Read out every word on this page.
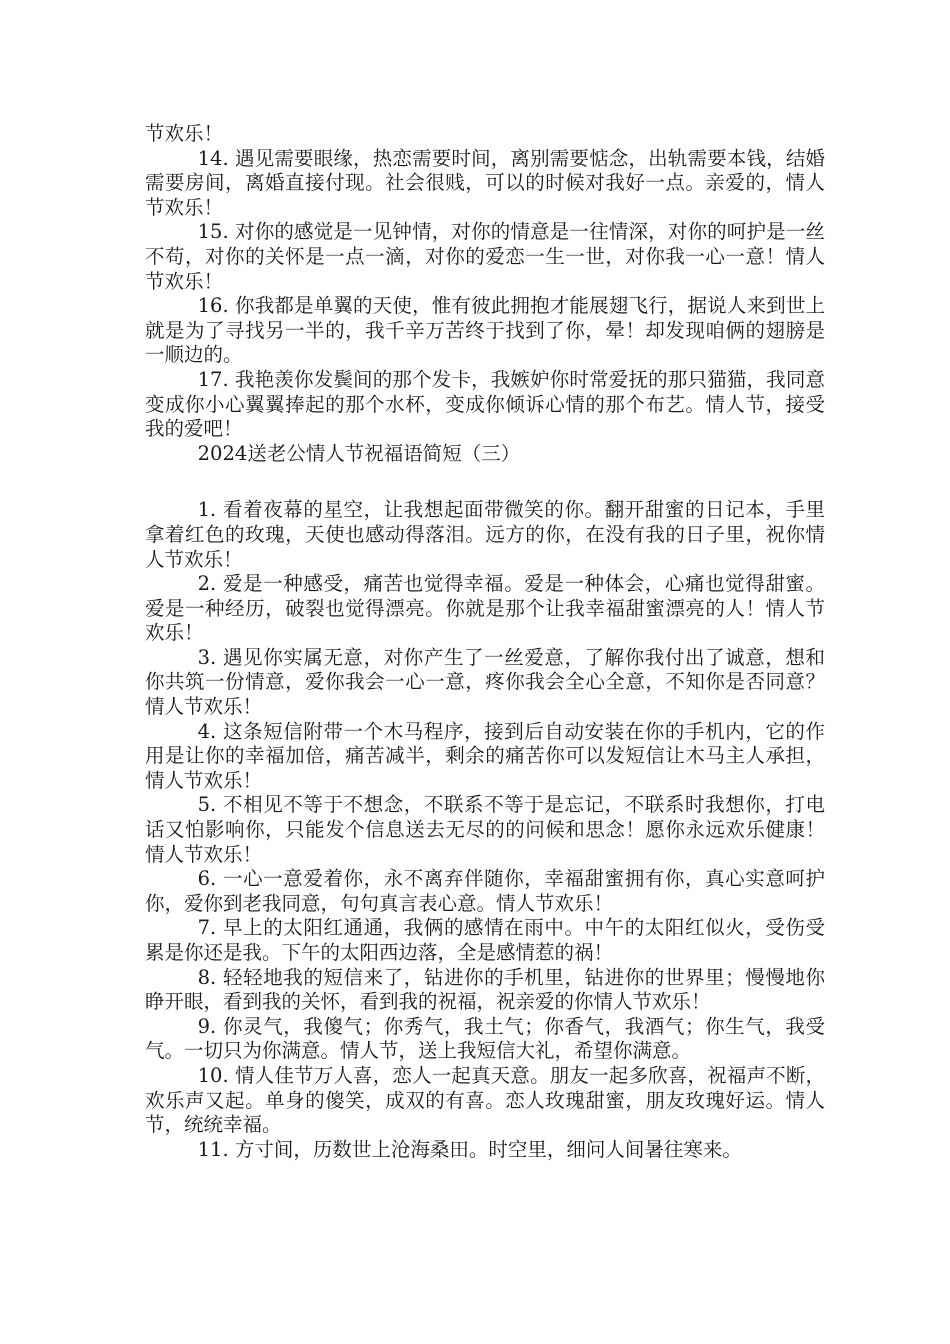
节欢乐！

14. 遇见需要眼缘，热恋需要时间，离别需要惦念，出轨需要本钱，结婚需要房间，离婚直接付现。社会很贱，可以的时候对我好一点。亲爱的，情人节欢乐！

15. 对你的感觉是一见钟情，对你的情意是一往情深，对你的呵护是一丝不苟，对你的关怀是一点一滴，对你的爱恋一生一世，对你我一心一意！情人节欢乐！

16. 你我都是单翼的天使，惟有彼此拥抱才能展翅飞行，据说人来到世上就是为了寻找另一半的，我千辛万苦终于找到了你，晕！却发现咱俩的翅膀是一顺边的。

17. 我艳羡你发鬓间的那个发卡，我嫉妒你时常爱抚的那只猫猫，我同意变成你小心翼翼捧起的那个水杯，变成你倾诉心情的那个布艺。情人节，接受我的爱吧！

2024送老公情人节祝福语简短（三）

1. 看着夜幕的星空，让我想起面带微笑的你。翻开甜蜜的日记本，手里拿着红色的玫瑰，天使也感动得落泪。远方的你，在没有我的日子里，祝你情人节欢乐！

2. 爱是一种感受，痛苦也觉得幸福。爱是一种体会，心痛也觉得甜蜜。爱是一种经历，破裂也觉得漂亮。你就是那个让我幸福甜蜜漂亮的人！情人节欢乐！

3. 遇见你实属无意，对你产生了一丝爱意，了解你我付出了诚意，想和你共筑一份情意，爱你我会一心一意，疼你我会全心全意，不知你是否同意？情人节欢乐！

4. 这条短信附带一个木马程序，接到后自动安装在你的手机内，它的作用是让你的幸福加倍，痛苦减半，剩余的痛苦你可以发短信让木马主人承担，情人节欢乐！

5. 不相见不等于不想念，不联系不等于是忘记，不联系时我想你，打电话又怕影响你，只能发个信息送去无尽的的问候和思念！愿你永远欢乐健康！情人节欢乐！

6. 一心一意爱着你，永不离弃伴随你，幸福甜蜜拥有你，真心实意呵护你，爱你到老我同意，句句真言表心意。情人节欢乐！

7. 早上的太阳红通通，我俩的感情在雨中。中午的太阳红似火，受伤受累是你还是我。下午的太阳西边落，全是感情惹的祸！

8. 轻轻地我的短信来了，钻进你的手机里，钻进你的世界里；慢慢地你睁开眼，看到我的关怀，看到我的祝福，祝亲爱的你情人节欢乐！

9. 你灵气，我傻气；你秀气，我土气；你香气，我酒气；你生气，我受气。一切只为你满意。情人节，送上我短信大礼，希望你满意。

10. 情人佳节万人喜，恋人一起真天意。朋友一起多欣喜，祝福声不断，欢乐声又起。单身的傻笑，成双的有喜。恋人玫瑰甜蜜，朋友玫瑰好运。情人节，统统幸福。

11. 方寸间，历数世上沧海桑田。时空里，细问人间暑往寒来。
